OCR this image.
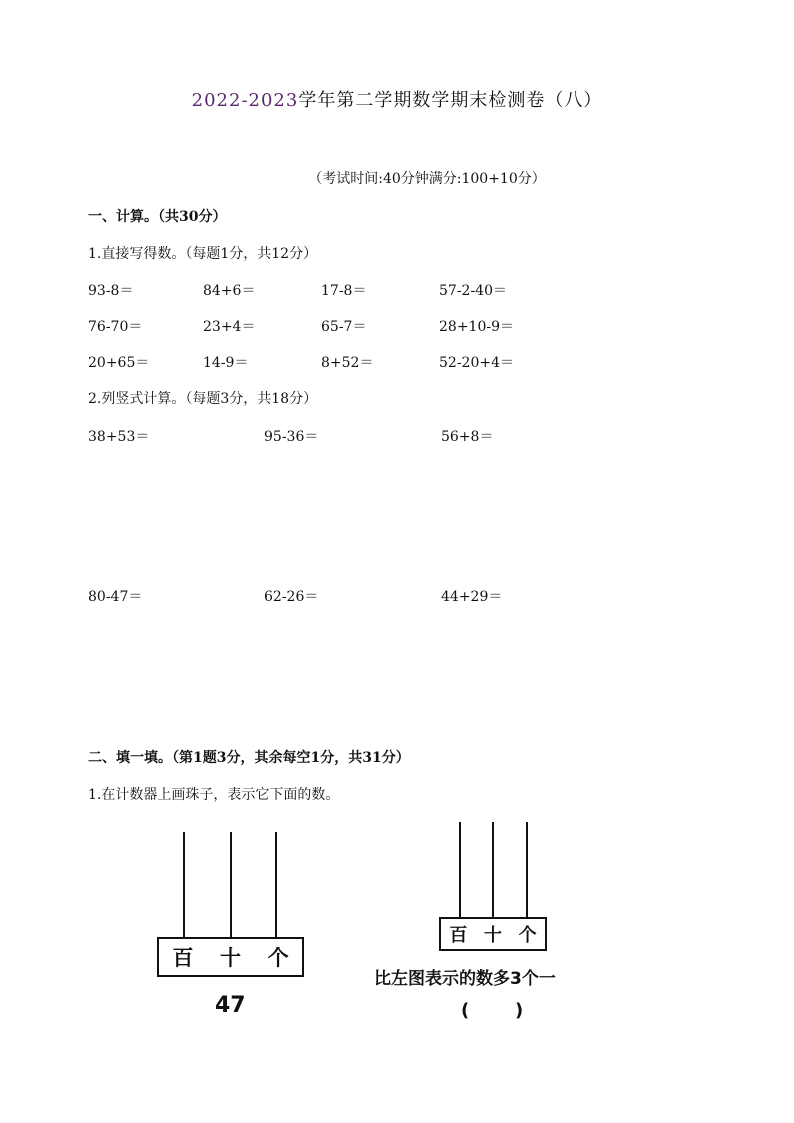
2022-2023学年第二学期数学期末检测卷（八）
（考试时间:40分钟满分:100+10分）
一、计算。（共30分）
1.直接写得数。（每题1分，共12分）
93-8＝	84+6＝	17-8＝	57-2-40＝
76-70＝	23+4＝	65-7＝	28+10-9＝
20+65＝	14-9＝	8+52＝	52-20+4＝
2.列竖式计算。（每题3分，共18分）
38+53＝	95-36＝	56+8＝
80-47＝	62-26＝	44+29＝
二、填一填。（第1题3分，其余每空1分，共31分）
1.在计数器上画珠子，表示它下面的数。
百 十 个
47
百 十 个
比左图表示的数多3个一
(	)
